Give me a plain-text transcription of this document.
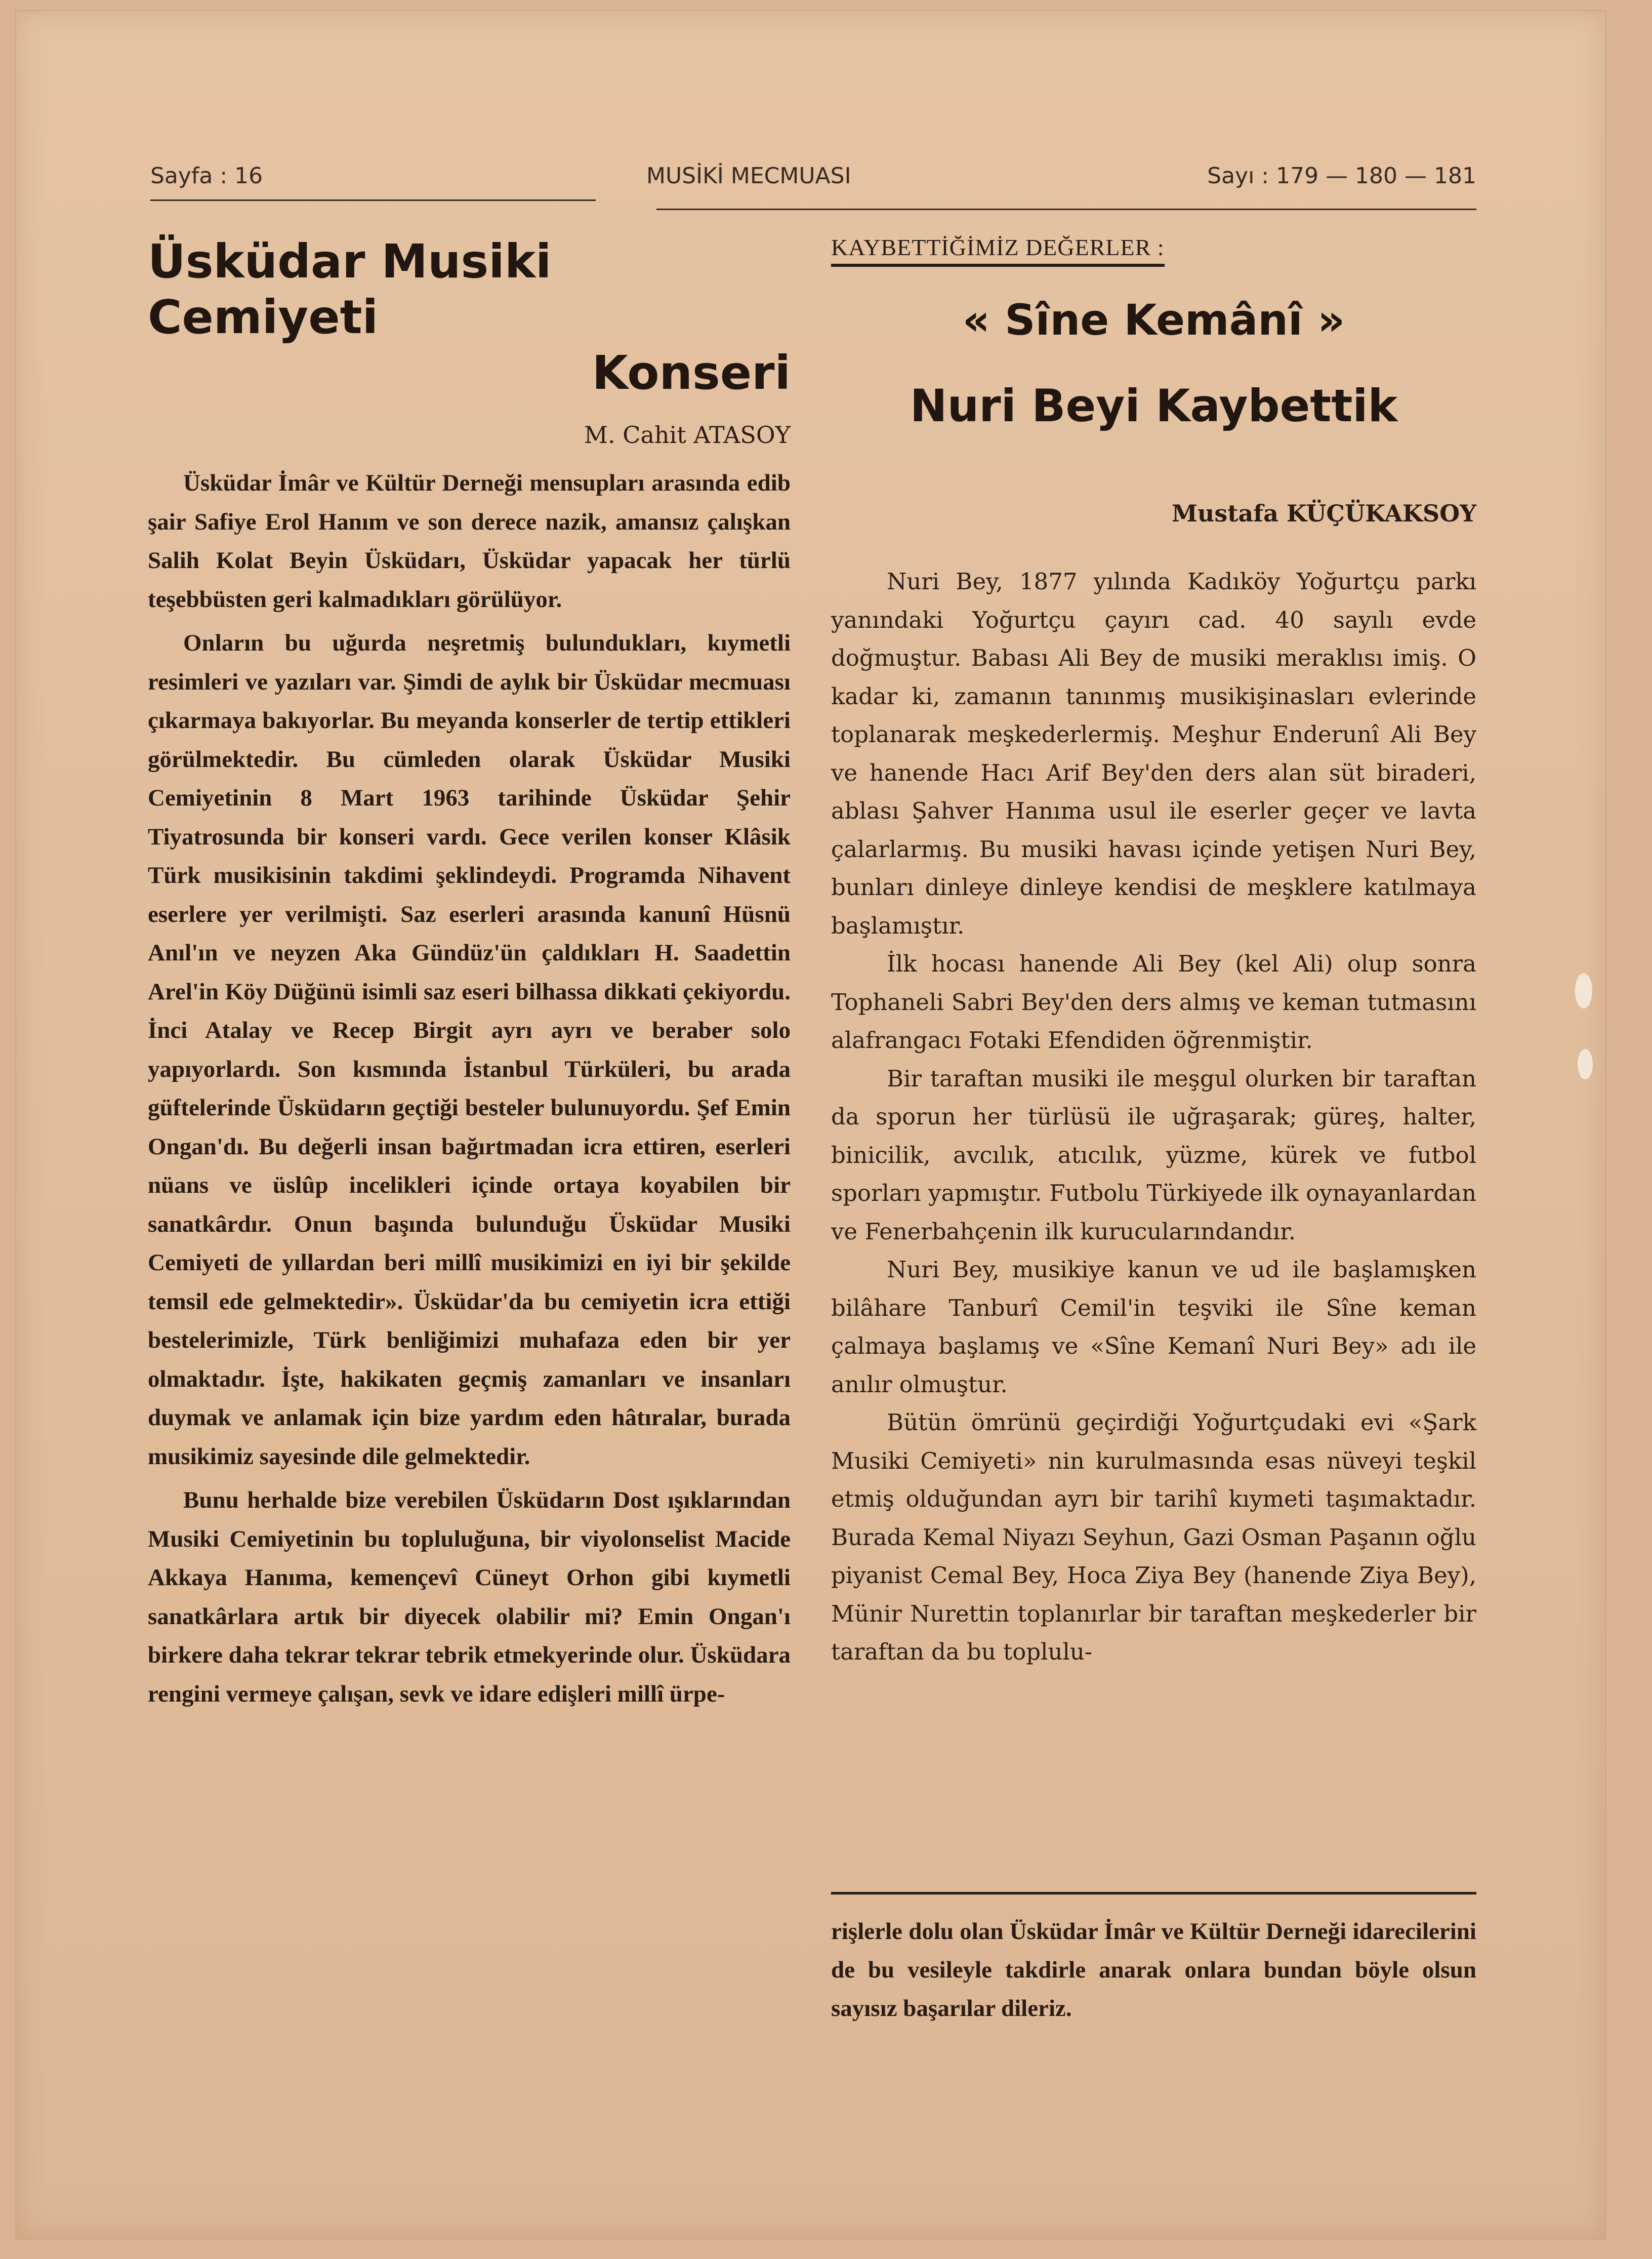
Sayfa : 16	MUSİKİ MECMUASI	Sayı : 179 — 180 — 181
Üsküdar Musiki Cemiyeti
Konseri
M. Cahit ATASOY

Üsküdar İmâr ve Kültür Derneği mensupları arasında edib şair Safiye Erol Hanım ve son derece nazik, amansız çalışkan Salih Kolat Beyin Üsküdarı, Üsküdar yapacak her türlü teşebbüsten geri kalmadıkları görülüyor.

Onların bu uğurda neşretmiş bulundukları, kıymetli resimleri ve yazıları var. Şimdi de aylık bir Üsküdar mecmuası çıkarmaya bakıyorlar. Bu meyanda konserler de tertip ettikleri görülmektedir. Bu cümleden olarak Üsküdar Musiki Cemiyetinin 8 Mart 1963 tarihinde Üsküdar Şehir Tiyatrosunda bir konseri vardı. Gece verilen konser Klâsik Türk musikisinin takdimi şeklindeydi. Programda Nihavent eserlere yer verilmişti. Saz eserleri arasında kanunî Hüsnü Anıl'ın ve neyzen Aka Gündüz'ün çaldıkları H. Saadettin Arel'in Köy Düğünü isimli saz eseri bilhassa dikkati çekiyordu. İnci Atalay ve Recep Birgit ayrı ayrı ve beraber solo yapıyorlardı. Son kısmında İstanbul Türküleri, bu arada güftelerinde Üsküdarın geçtiği besteler bulunuyordu. Şef Emin Ongan'dı. Bu değerli insan bağırtmadan icra ettiren, eserleri nüans ve üslûp incelikleri içinde ortaya koyabilen bir sanatkârdır. Onun başında bulunduğu Üsküdar Musiki Cemiyeti de yıllardan beri millî musikimizi en iyi bir şekilde temsil ede gelmektedir». Üsküdar'da bu cemiyetin icra ettiği bestelerimizle, Türk benliğimizi muhafaza eden bir yer olmaktadır. İşte, hakikaten geçmiş zamanları ve insanları duymak ve anlamak için bize yardım eden hâtıralar, burada musikimiz sayesinde dile gelmektedir.

Bunu herhalde bize verebilen Üsküdarın Dost ışıklarından Musiki Cemiyetinin bu topluluğuna, bir viyolonselist Macide Akkaya Hanıma, kemençevî Cüneyt Orhon gibi kıymetli sanatkârlara artık bir diyecek olabilir mi? Emin Ongan'ı birkere daha tekrar tekrar tebrik etmekyerinde olur. Üsküdara rengini vermeye çalışan, sevk ve idare edişleri millî ürpe-

KAYBETTİĞİMİZ DEĞERLER :
« Sîne Kemânî »
Nuri Beyi Kaybettik
Mustafa KÜÇÜKAKSOY

Nuri Bey, 1877 yılında Kadıköy Yoğurtçu parkı yanındaki Yoğurtçu çayırı cad. 40 sayılı evde doğmuştur. Babası Ali Bey de musiki meraklısı imiş. O kadar ki, zamanın tanınmış musikişinasları evlerinde toplanarak meşkederlermiş. Meşhur Enderunî Ali Bey ve hanende Hacı Arif Bey'den ders alan süt biraderi, ablası Şahver Hanıma usul ile eserler geçer ve lavta çalarlarmış. Bu musiki havası içinde yetişen Nuri Bey, bunları dinleye dinleye kendisi de meşklere katılmaya başlamıştır.

İlk hocası hanende Ali Bey (kel Ali) olup sonra Tophaneli Sabri Bey'den ders almış ve keman tutmasını alafrangacı Fotaki Efendiden öğrenmiştir.

Bir taraftan musiki ile meşgul olurken bir taraftan da sporun her türlüsü ile uğraşarak; güreş, halter, binicilik, avcılık, atıcılık, yüzme, kürek ve futbol sporları yapmıştır. Futbolu Türkiyede ilk oynayanlardan ve Fenerbahçenin ilk kurucularındandır.

Nuri Bey, musikiye kanun ve ud ile başlamışken bilâhare Tanburî Cemil'in teşviki ile Sîne keman çalmaya başlamış ve «Sîne Kemanî Nuri Bey» adı ile anılır olmuştur.

Bütün ömrünü geçirdiği Yoğurtçudaki evi «Şark Musiki Cemiyeti» nin kurulmasında esas nüveyi teşkil etmiş olduğundan ayrı bir tarihî kıymeti taşımaktadır. Burada Kemal Niyazı Seyhun, Gazi Osman Paşanın oğlu piyanist Cemal Bey, Hoca Ziya Bey (hanende Ziya Bey), Münir Nurettin toplanırlar bir taraftan meşkederler bir taraftan da bu toplulu-

rişlerle dolu olan Üsküdar İmâr ve Kültür Derneği idarecilerini de bu vesileyle takdirle anarak onlara bundan böyle olsun sayısız başarılar dileriz.
